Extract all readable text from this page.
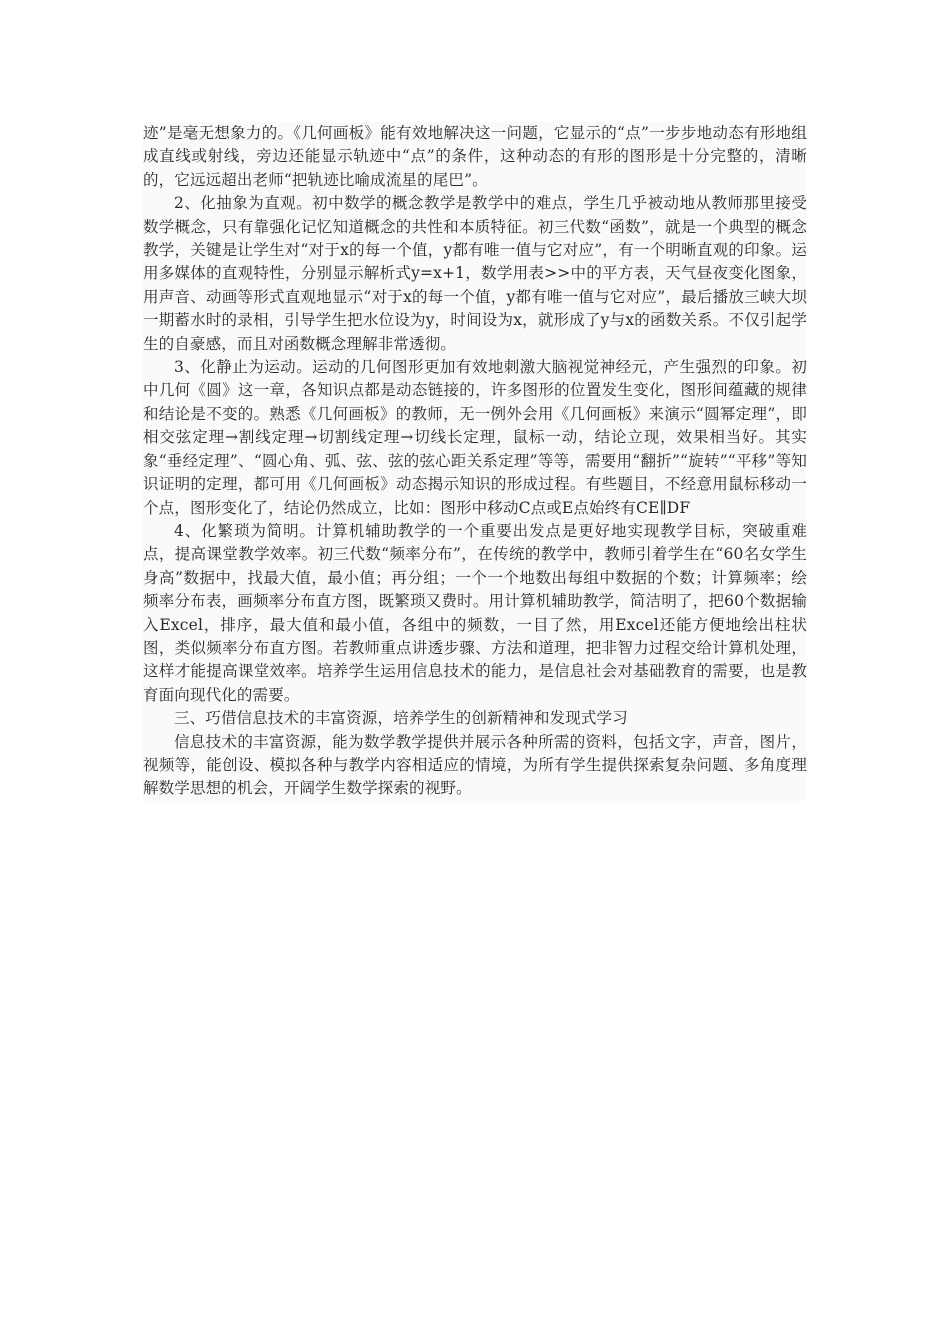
迹”是毫无想象力的。《几何画板》能有效地解决这一问题，它显示的“点”一步步地动态有形地组成直线或射线，旁边还能显示轨迹中“点”的条件，这种动态的有形的图形是十分完整的，清晰的，它远远超出老师“把轨迹比喻成流星的尾巴”。

2、化抽象为直观。初中数学的概念教学是教学中的难点，学生几乎被动地从教师那里接受数学概念，只有靠强化记忆知道概念的共性和本质特征。初三代数“函数”，就是一个典型的概念教学，关键是让学生对“对于x的每一个值，y都有唯一值与它对应”，有一个明晰直观的印象。运用多媒体的直观特性，分别显示解析式y=x+1，数学用表>>中的平方表，天气昼夜变化图象，用声音、动画等形式直观地显示“对于x的每一个值，y都有唯一值与它对应”，最后播放三峡大坝一期蓄水时的录相，引导学生把水位设为y，时间设为x，就形成了y与x的函数关系。不仅引起学生的自豪感，而且对函数概念理解非常透彻。

3、化静止为运动。运动的几何图形更加有效地刺激大脑视觉神经元，产生强烈的印象。初中几何《圆》这一章，各知识点都是动态链接的，许多图形的位置发生变化，图形间蕴藏的规律和结论是不变的。熟悉《几何画板》的教师，无一例外会用《几何画板》来演示“圆幂定理”，即相交弦定理→割线定理→切割线定理→切线长定理，鼠标一动，结论立现，效果相当好。其实象“垂经定理”、“圆心角、弧、弦、弦的弦心距关系定理”等等，需要用“翻折”“旋转”“平移”等知识证明的定理，都可用《几何画板》动态揭示知识的形成过程。有些题目，不经意用鼠标移动一个点，图形变化了，结论仍然成立，比如：图形中移动C点或E点始终有CE∥DF

4、化繁琐为简明。计算机辅助教学的一个重要出发点是更好地实现教学目标，突破重难点，提高课堂教学效率。初三代数“频率分布”，在传统的教学中，教师引着学生在“60名女学生身高”数据中，找最大值，最小值；再分组；一个一个地数出每组中数据的个数；计算频率；绘频率分布表，画频率分布直方图，既繁琐又费时。用计算机辅助教学，简洁明了，把60个数据输入Excel，排序，最大值和最小值，各组中的频数，一目了然，用Excel还能方便地绘出柱状图，类似频率分布直方图。若教师重点讲透步骤、方法和道理，把非智力过程交给计算机处理，这样才能提高课堂效率。培养学生运用信息技术的能力，是信息社会对基础教育的需要，也是教育面向现代化的需要。

三、巧借信息技术的丰富资源，培养学生的创新精神和发现式学习

信息技术的丰富资源，能为数学教学提供并展示各种所需的资料，包括文字，声音，图片，视频等，能创设、模拟各种与教学内容相适应的情境，为所有学生提供探索复杂问题、多角度理解数学思想的机会，开阔学生数学探索的视野。
